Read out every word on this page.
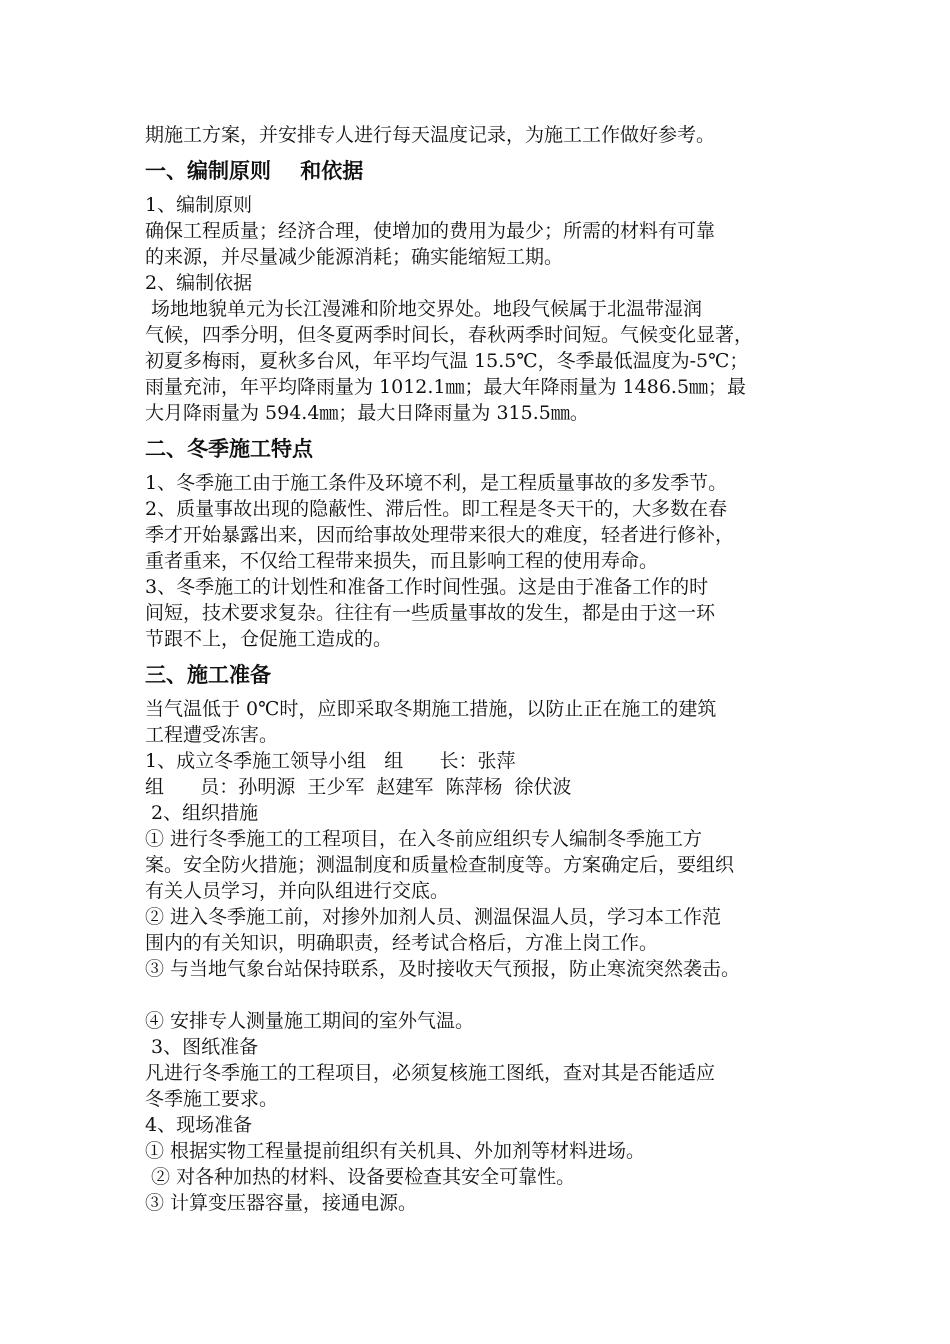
期施工方案，并安排专人进行每天温度记录，为施工工作做好参考。

一、编制原则    和依据

1、编制原则

确保工程质量；经济合理，使增加的费用为最少；所需的材料有可靠

的来源，并尽量减少能源消耗；确实能缩短工期。

2、编制依据

场地地貌单元为长江漫滩和阶地交界处。地段气候属于北温带湿润

气候，四季分明，但冬夏两季时间长，春秋两季时间短。气候变化显著，

初夏多梅雨，夏秋多台风，年平均气温 15.5℃，冬季最低温度为-5℃；

雨量充沛，年平均降雨量为 1012.1㎜；最大年降雨量为 1486.5㎜；最

大月降雨量为 594.4㎜；最大日降雨量为 315.5㎜。

二、冬季施工特点

1、冬季施工由于施工条件及环境不利，是工程质量事故的多发季节。

2、质量事故出现的隐蔽性、滞后性。即工程是冬天干的，大多数在春

季才开始暴露出来，因而给事故处理带来很大的难度，轻者进行修补，

重者重来，不仅给工程带来损失，而且影响工程的使用寿命。

3、冬季施工的计划性和准备工作时间性强。这是由于准备工作的时

间短，技术要求复杂。往往有一些质量事故的发生，都是由于这一环

节跟不上，仓促施工造成的。

三、施工准备

当气温低于 0℃时，应即采取冬期施工措施，以防止正在施工的建筑

工程遭受冻害。

1、成立冬季施工领导小组   组      长：张萍

组      员：孙明源  王少军  赵建军  陈萍杨  徐伏波

2、组织措施

① 进行冬季施工的工程项目，在入冬前应组织专人编制冬季施工方

案。安全防火措施；测温制度和质量检查制度等。方案确定后，要组织

有关人员学习，并向队组进行交底。

② 进入冬季施工前，对掺外加剂人员、测温保温人员，学习本工作范

围内的有关知识，明确职责，经考试合格后，方准上岗工作。

③ 与当地气象台站保持联系，及时接收天气预报，防止寒流突然袭击。

④ 安排专人测量施工期间的室外气温。

3、图纸准备

凡进行冬季施工的工程项目，必须复核施工图纸，查对其是否能适应

冬季施工要求。

4、现场准备

① 根据实物工程量提前组织有关机具、外加剂等材料进场。

② 对各种加热的材料、设备要检查其安全可靠性。

③ 计算变压器容量，接通电源。
